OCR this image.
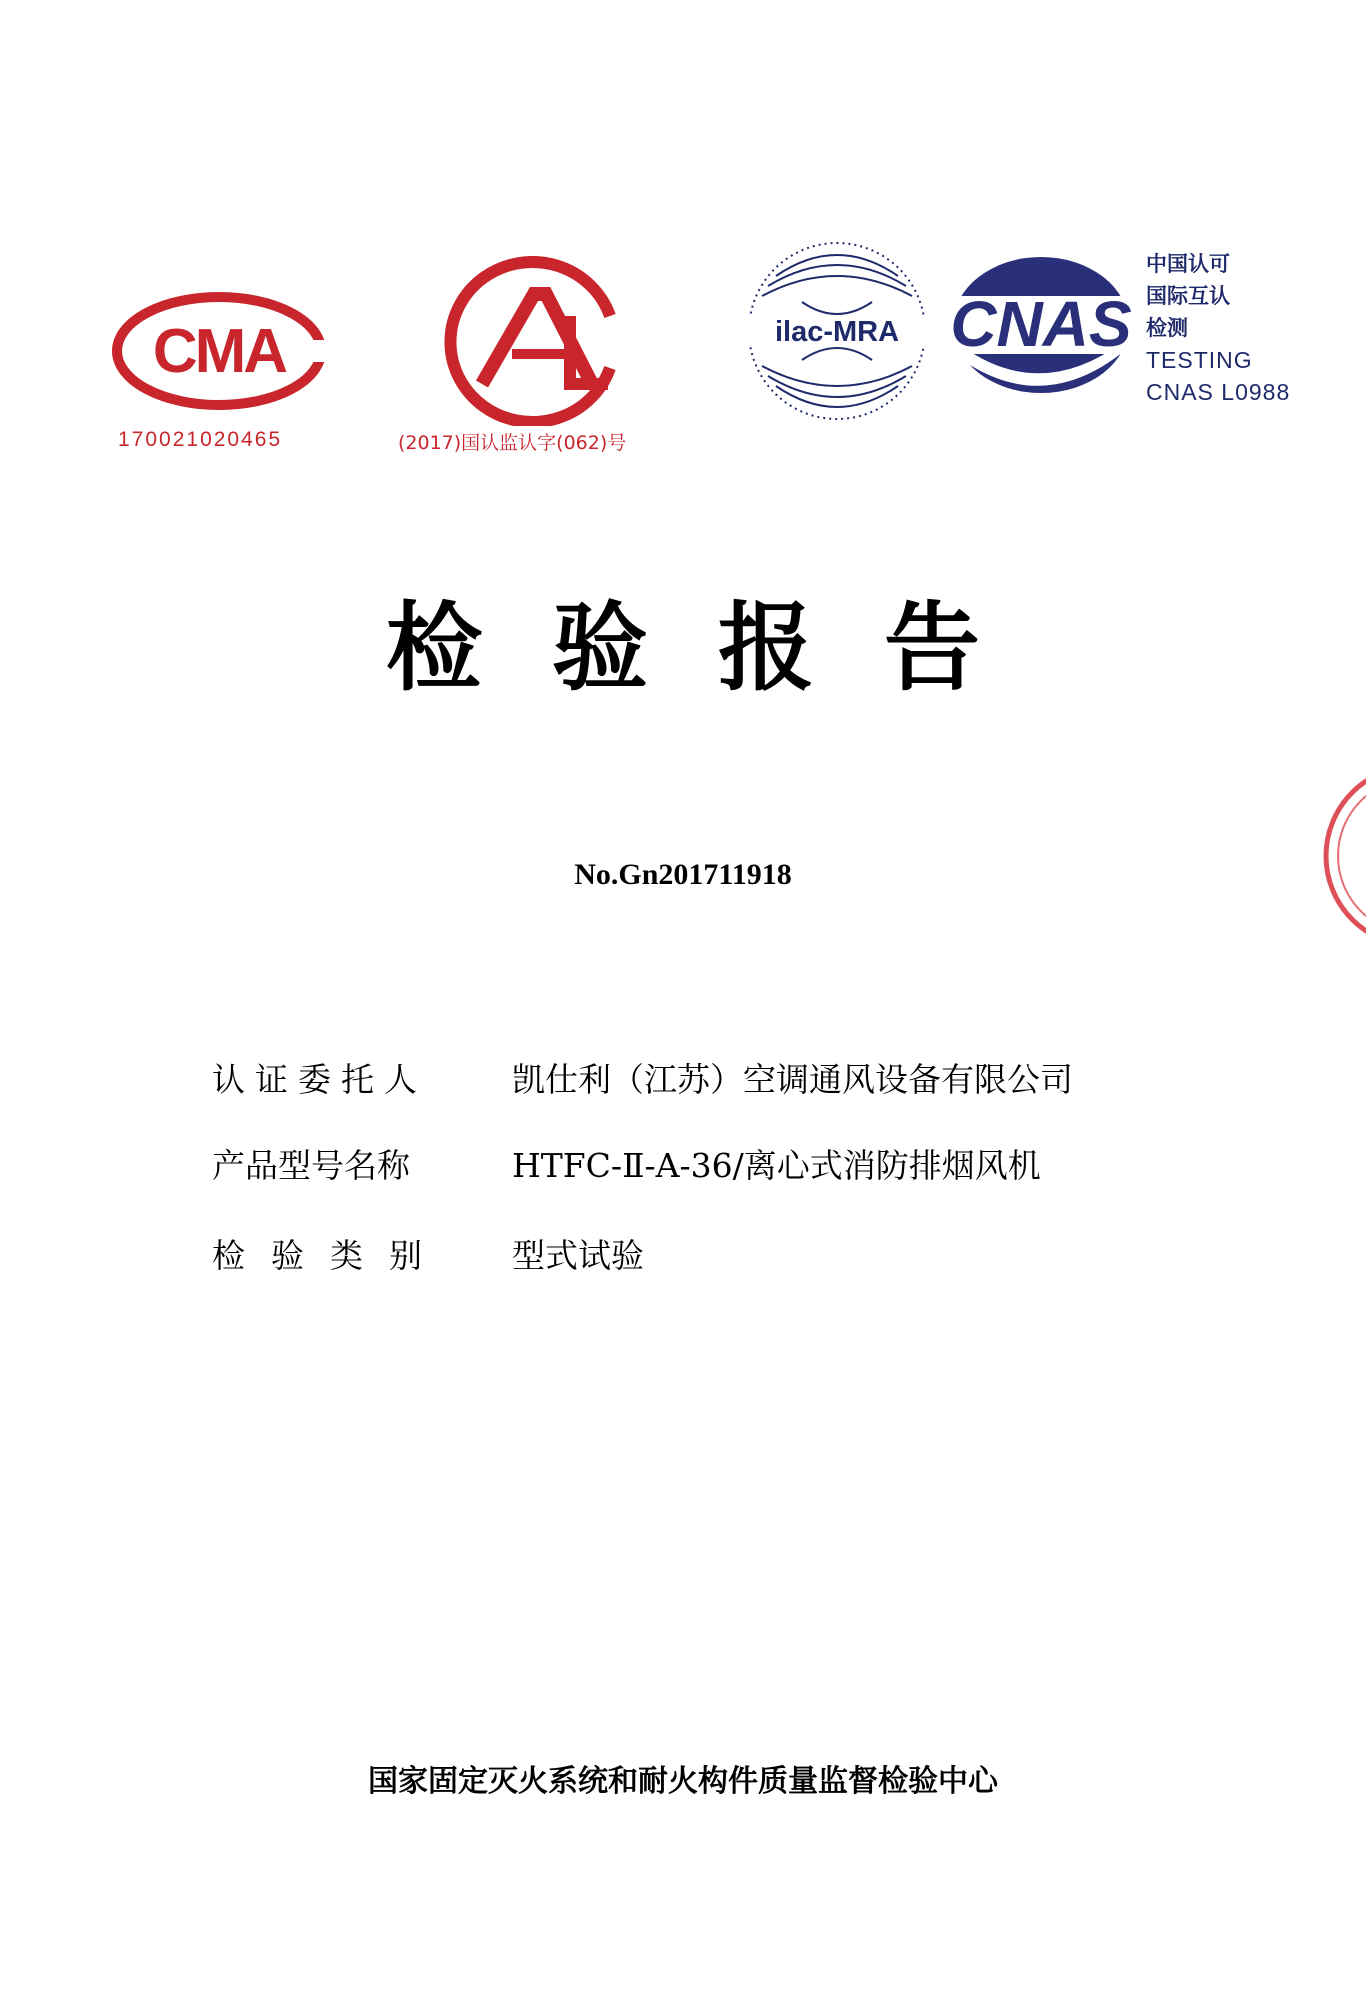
CMA
170021020465	(2017)国认监认字(062)号
ilac-MRA CNAS
中国认可
国际互认
检测
TESTING
CNAS L0988
检验报告
No.Gn201711918
认证委托人	凯仕利（江苏）空调通风设备有限公司
产品型号名称	HTFC-Ⅱ-A-36/离心式消防排烟风机
检验类别 型式试验
国家固定灭火系统和耐火构件质量监督检验中心
